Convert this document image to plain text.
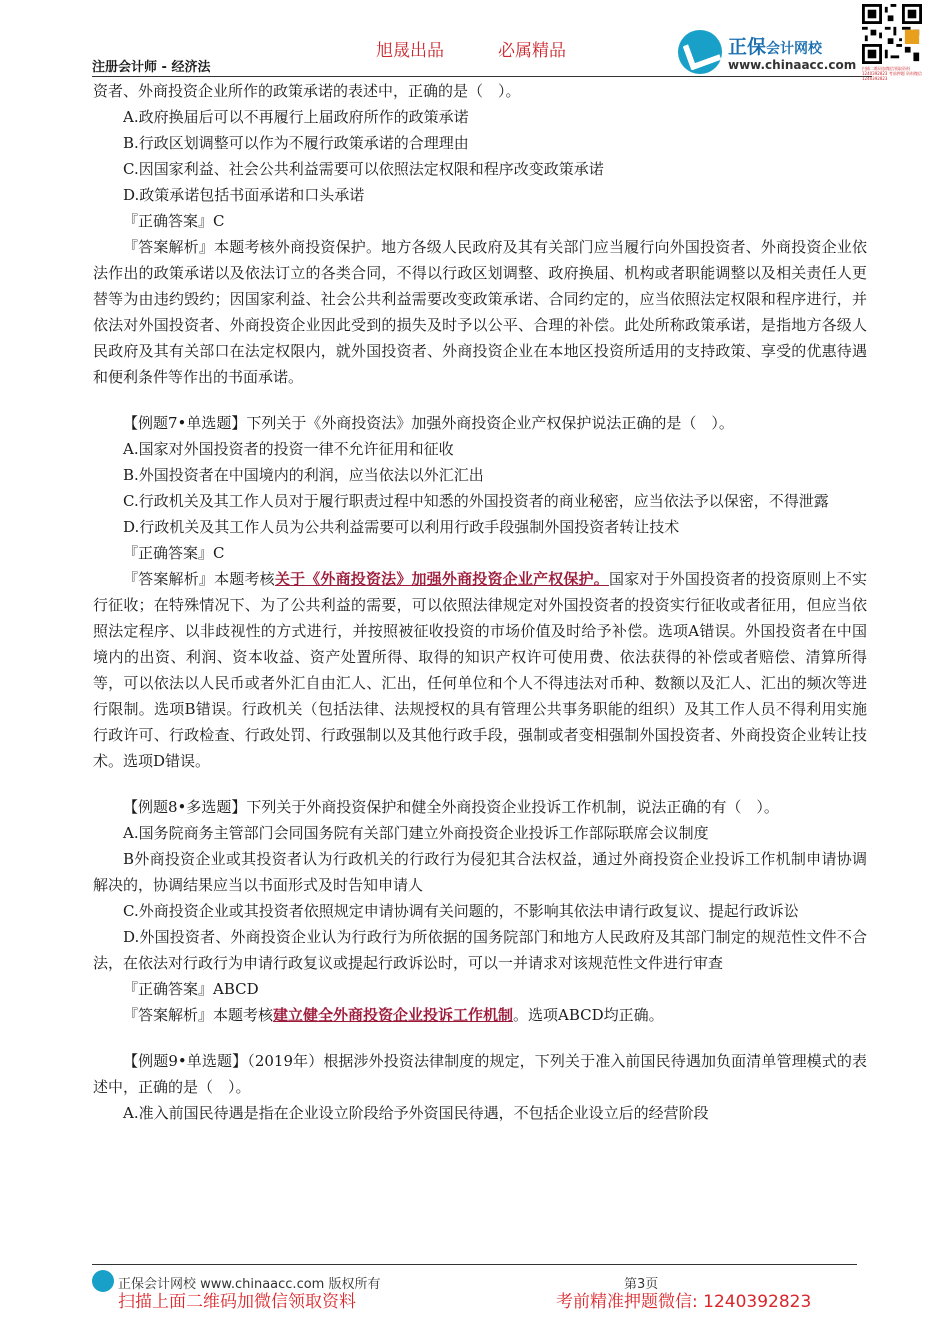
旭晟出品	必属精品
注册会计师 - 经济法
正保会计网校
www.chinaacc.com 扫描二维码加微信领取资料 1240392823 考前押题 资料微信 1240392823

资者、外商投资企业所作的政策承诺的表述中，正确的是（　）。

A.政府换届后可以不再履行上届政府所作的政策承诺

B.行政区划调整可以作为不履行政策承诺的合理理由

C.因国家利益、社会公共利益需要可以依照法定权限和程序改变政策承诺

D.政策承诺包括书面承诺和口头承诺

『正确答案』C

『答案解析』本题考核外商投资保护。地方各级人民政府及其有关部门应当履行向外国投资者、外商投资企业依法作出的政策承诺以及依法订立的各类合同，不得以行政区划调整、政府换届、机构或者职能调整以及相关责任人更替等为由违约毁约；因国家利益、社会公共利益需要改变政策承诺、合同约定的，应当依照法定权限和程序进行，并依法对外国投资者、外商投资企业因此受到的损失及时予以公平、合理的补偿。此处所称政策承诺，是指地方各级人民政府及其有关部口在法定权限内，就外国投资者、外商投资企业在本地区投资所适用的支持政策、享受的优惠待遇和便利条件等作出的书面承诺。

【例题7•单选题】下列关于《外商投资法》加强外商投资企业产权保护说法正确的是（　）。

A.国家对外国投资者的投资一律不允许征用和征收

B.外国投资者在中国境内的利润，应当依法以外汇汇出

C.行政机关及其工作人员对于履行职责过程中知悉的外国投资者的商业秘密，应当依法予以保密，不得泄露

D.行政机关及其工作人员为公共利益需要可以利用行政手段强制外国投资者转让技术

『正确答案』C

『答案解析』本题考核关于《外商投资法》加强外商投资企业产权保护。国家对于外国投资者的投资原则上不实行征收；在特殊情况下、为了公共利益的需要，可以依照法律规定对外国投资者的投资实行征收或者征用，但应当依照法定程序、以非歧视性的方式进行，并按照被征收投资的市场价值及时给予补偿。选项A错误。外国投资者在中国境内的出资、利润、资本收益、资产处置所得、取得的知识产权许可使用费、依法获得的补偿或者赔偿、清算所得等，可以依法以人民币或者外汇自由汇人、汇出，任何单位和个人不得违法对币种、数额以及汇人、汇出的频次等进行限制。选项B错误。行政机关（包括法律、法规授权的具有管理公共事务职能的组织）及其工作人员不得利用实施行政许可、行政检查、行政处罚、行政强制以及其他行政手段，强制或者变相强制外国投资者、外商投资企业转让技术。选项D错误。

【例题8•多选题】下列关于外商投资保护和健全外商投资企业投诉工作机制，说法正确的有（　）。

A.国务院商务主管部门会同国务院有关部门建立外商投资企业投诉工作部际联席会议制度

B外商投资企业或其投资者认为行政机关的行政行为侵犯其合法权益，通过外商投资企业投诉工作机制申请协调解决的，协调结果应当以书面形式及时告知申请人

C.外商投资企业或其投资者依照规定申请协调有关问题的，不影响其依法申请行政复议、提起行政诉讼

D.外国投资者、外商投资企业认为行政行为所依据的国务院部门和地方人民政府及其部门制定的规范性文件不合法，在依法对行政行为申请行政复议或提起行政诉讼时，可以一并请求对该规范性文件进行审查

『正确答案』ABCD

『答案解析』本题考核建立健全外商投资企业投诉工作机制。选项ABCD均正确。

【例题9•单选题】（2019年）根据涉外投资法律制度的规定，下列关于准入前国民待遇加负面清单管理模式的表述中，正确的是（　）。

A.准入前国民待遇是指在企业设立阶段给予外资国民待遇，不包括企业设立后的经营阶段

正保会计网校 www.chinaacc.com 版权所有	第3页
扫描上面二维码加微信领取资料	考前精准押题微信: 1240392823
